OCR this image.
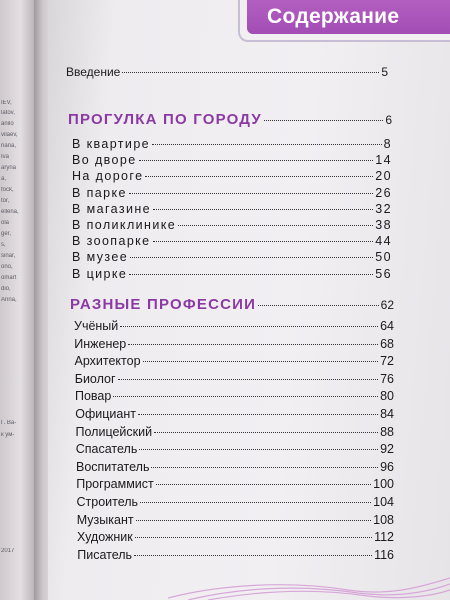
IEV,
latov,
anilo
vilaev,
nana,
Iva
aryna
a,
fock,
tor,
ellena,
ola
ger,
s,
sinar,
ono,
omart
dio,
Anna,
Г. Ва-
к ум-
2017
Содержание
Введение	5
ПРОГУЛКА ПО ГОРОДУ	6
В квартире	8
Во дворе	14
На дороге	20
В парке	26
В магазине	32
В поликлинике	38
В зоопарке	44
В музее	50
В цирке	56
РАЗНЫЕ ПРОФЕССИИ	62
Учёный	64
Инженер	68
Архитектор	72
Биолог	76
Повар	80
Официант	84
Полицейский	88
Спасатель	92
Воспитатель	96
Программист	100
Строитель	104
Музыкант	108
Художник	112
Писатель	116
